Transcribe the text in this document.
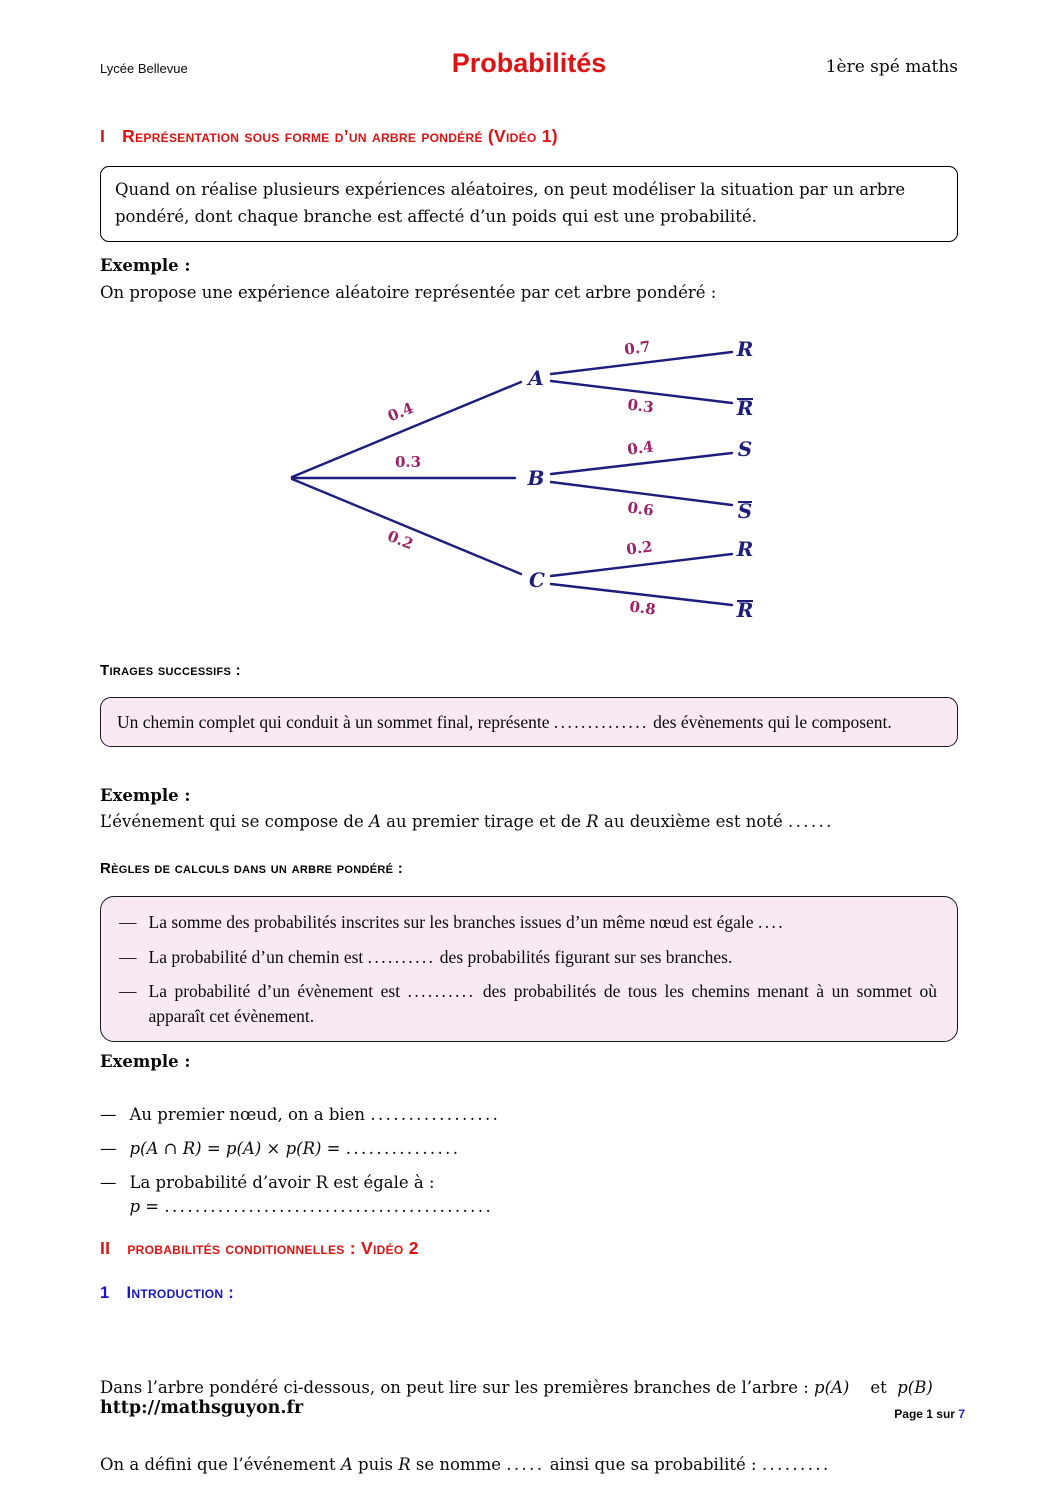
Lycée Bellevue	Probabilités	1ère spé maths
I Représentation sous forme d’un arbre pondéré (Vidéo 1)
Quand on réalise plusieurs expériences aléatoires, on peut modéliser la situation par un arbre pondéré, dont chaque branche est affecté d’un poids qui est une probabilité.
Exemple :
On propose une expérience aléatoire représentée par cet arbre pondéré :
0.4
0.3
0.2
A
B
C
0.7
0.3
0.4
0.6
0.2
0.8
R
R
S
S
R
R
Tirages successifs :
Un chemin complet qui conduit à un sommet final, représente .............. des évènements qui le composent.
Exemple :
L’événement qui se compose de A au premier tirage et de R au deuxième est noté ......
Règles de calculs dans un arbre pondéré :
— La somme des probabilités inscrites sur les branches issues d’un même nœud est égale ....
— La probabilité d’un chemin est .......... des probabilités figurant sur ses branches.
— La probabilité d’un évènement est .......... des probabilités de tous les chemins menant à un sommet où apparaît cet évènement.
Exemple :
— Au premier nœud, on a bien .................
— p(A ∩ R) = p(A) × p(R) = ...............
— La probabilité d’avoir R est égale à :
p = ...........................................
II probabilités conditionnelles : Vidéo 2
1 Introduction :

Dans l’arbre pondéré ci-dessous, on peut lire sur les premières branches de l’arbre : p(A)    et  p(B)

On a défini que l’événement A puis R se nomme ..... ainsi que sa probabilité : .........

http://mathsguyon.fr	Page 1 sur 7
